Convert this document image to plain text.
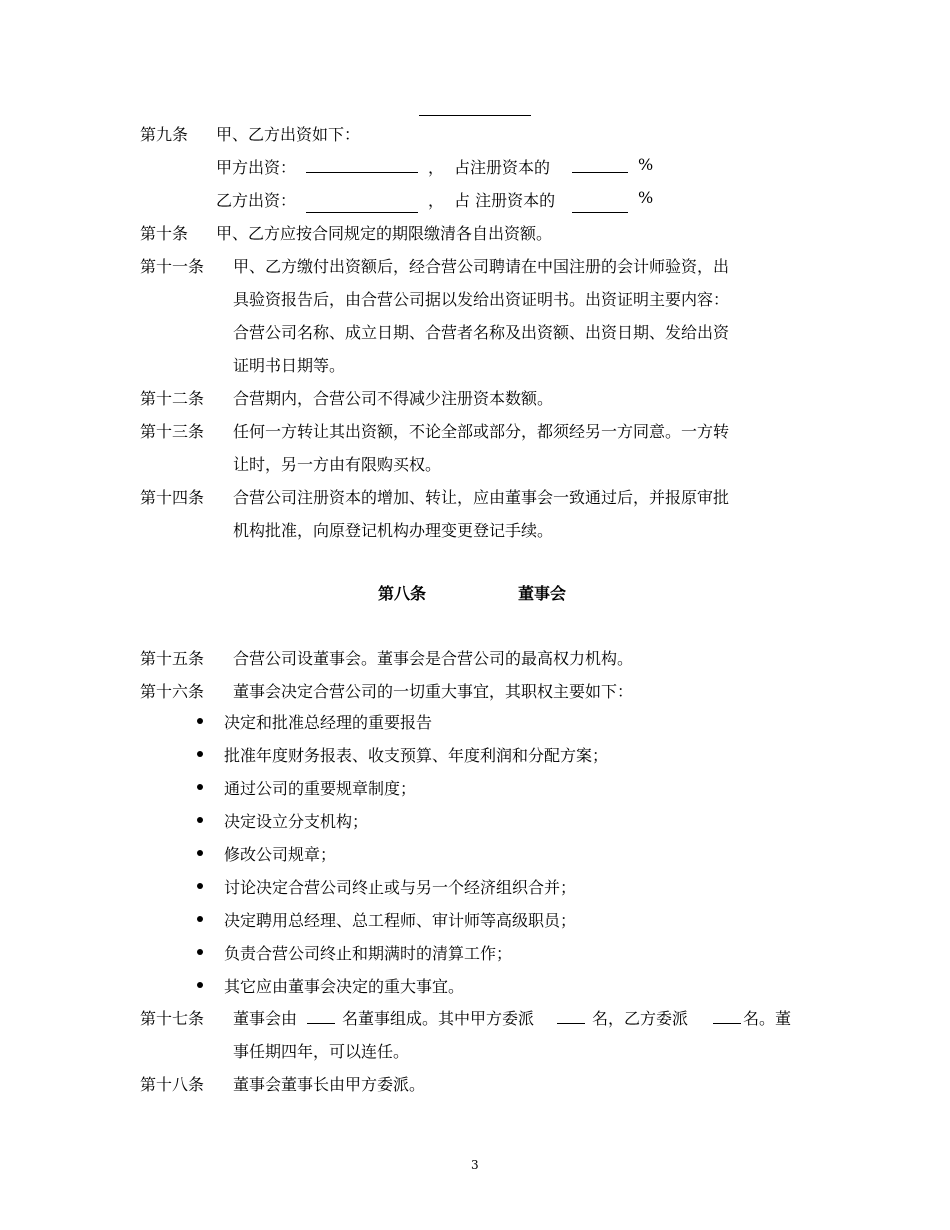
第九条 甲、乙方出资如下：
甲方出资：	， 占注册资本的	%
乙方出资：	， 占 注册资本的	%
第十条 甲、乙方应按合同规定的期限缴清各自出资额。
第十一条 甲、乙方缴付出资额后，经合营公司聘请在中国注册的会计师验资，出
具验资报告后，由合营公司据以发给出资证明书。出资证明主要内容：
合营公司名称、成立日期、合营者名称及出资额、出资日期、发给出资
证明书日期等。
第十二条 合营期内，合营公司不得减少注册资本数额。
第十三条 任何一方转让其出资额，不论全部或部分，都须经另一方同意。一方转
让时，另一方由有限购买权。
第十四条 合营公司注册资本的增加、转让，应由董事会一致通过后，并报原审批
机构批准，向原登记机构办理变更登记手续。
第八条	董事会
第十五条 合营公司设董事会。董事会是合营公司的最高权力机构。
第十六条 董事会决定合营公司的一切重大事宜，其职权主要如下：
决定和批准总经理的重要报告
批准年度财务报表、收支预算、年度利润和分配方案；
通过公司的重要规章制度；
决定设立分支机构；
修改公司规章；
讨论决定合营公司终止或与另一个经济组织合并；
决定聘用总经理、总工程师、审计师等高级职员；
负责合营公司终止和期满时的清算工作；
其它应由董事会决定的重大事宜。
第十七条 董事会由	名董事组成。其中甲方委派	名，乙方委派	名。董
事任期四年，可以连任。
第十八条 董事会董事长由甲方委派。
3
